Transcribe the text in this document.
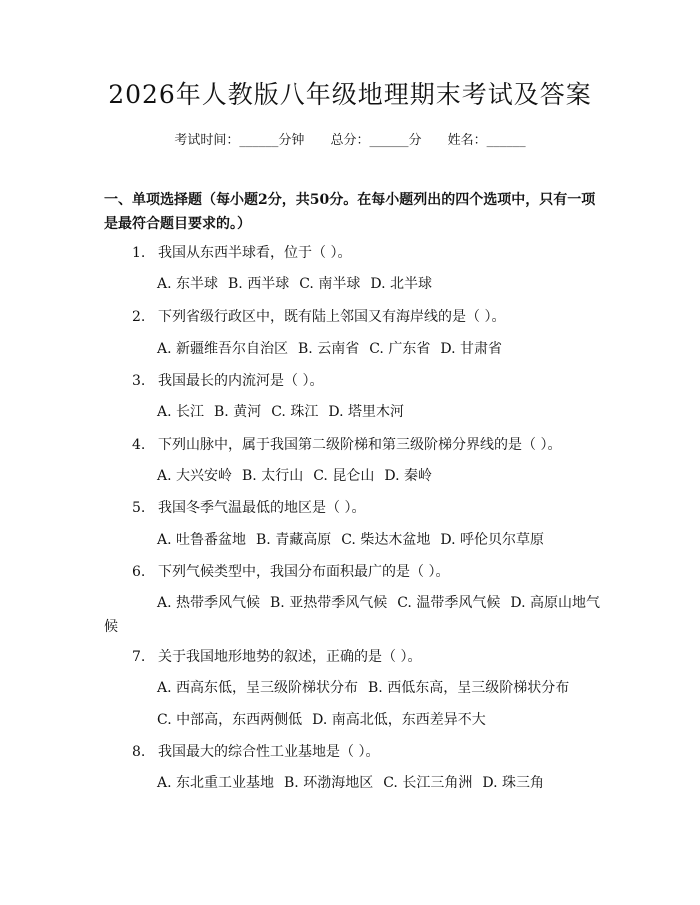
2026年人教版八年级地理期末考试及答案
考试时间：______分钟 总分：______分 姓名：______
一、单项选择题（每小题2分，共50分。在每小题列出的四个选项中，只有一项是最符合题目要求的。）
1. 我国从东西半球看，位于（ ）。
A. 东半球 B. 西半球 C. 南半球 D. 北半球
2. 下列省级行政区中，既有陆上邻国又有海岸线的是（ ）。
A. 新疆维吾尔自治区 B. 云南省 C. 广东省 D. 甘肃省
3. 我国最长的内流河是（ ）。
A. 长江 B. 黄河 C. 珠江 D. 塔里木河
4. 下列山脉中，属于我国第二级阶梯和第三级阶梯分界线的是（ ）。
A. 大兴安岭 B. 太行山 C. 昆仑山 D. 秦岭
5. 我国冬季气温最低的地区是（ ）。
A. 吐鲁番盆地 B. 青藏高原 C. 柴达木盆地 D. 呼伦贝尔草原
6. 下列气候类型中，我国分布面积最广的是（ ）。
A. 热带季风气候 B. 亚热带季风气候 C. 温带季风气候 D. 高原山地气候
7. 关于我国地形地势的叙述，正确的是（ ）。
A. 西高东低，呈三级阶梯状分布 B. 西低东高，呈三级阶梯状分布
C. 中部高，东西两侧低 D. 南高北低，东西差异不大
8. 我国最大的综合性工业基地是（ ）。
A. 东北重工业基地 B. 环渤海地区 C. 长江三角洲 D. 珠三角
